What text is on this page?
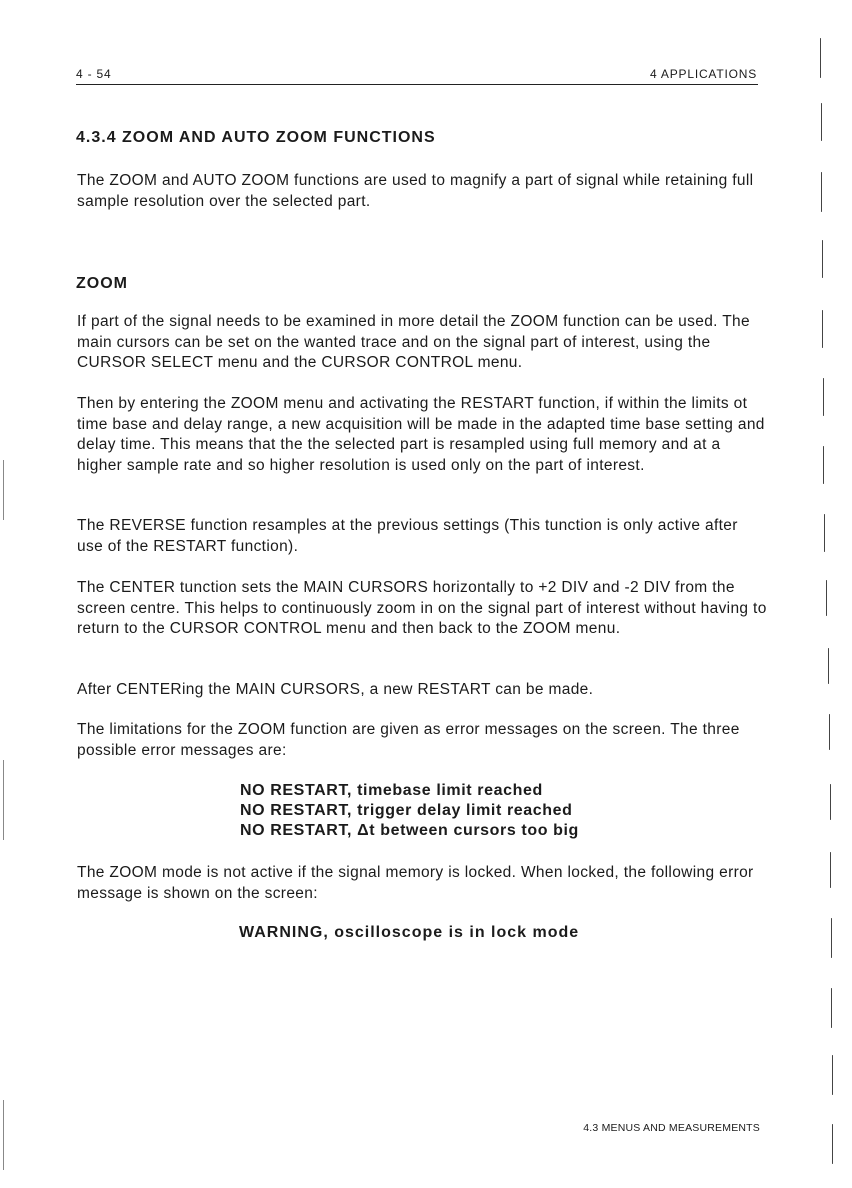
4 - 54	4 APPLICATIONS
4.3.4 ZOOM AND AUTO ZOOM FUNCTIONS

The ZOOM and AUTO ZOOM functions are used to magnify a part of signal while retaining full sample resolution over the selected part.

ZOOM

If part of the signal needs to be examined in more detail the ZOOM function can be used. The main cursors can be set on the wanted trace and on the signal part of interest, using the CURSOR SELECT menu and the CURSOR CONTROL menu.

Then by entering the ZOOM menu and activating the RESTART function, if within the limits ot time base and delay range, a new acquisition will be made in the adapted time base setting and delay time. This means that the the selected part is resampled using full memory and at a higher sample rate and so higher resolution is used only on the part of interest.

The REVERSE function resamples at the previous settings (This tunction is only active after use of the RESTART function).

The CENTER tunction sets the MAIN CURSORS horizontally to +2 DIV and -2 DIV from the screen centre. This helps to continuously zoom in on the signal part of interest without having to return to the CURSOR CONTROL menu and then back to the ZOOM menu.

After CENTERing the MAIN CURSORS, a new RESTART can be made.

The limitations for the ZOOM function are given as error messages on the screen. The three possible error messages are:

NO RESTART, timebase limit reached
NO RESTART, trigger delay limit reached
NO RESTART, Δt between cursors too big

The ZOOM mode is not active if the signal memory is locked. When locked, the following error message is shown on the screen:

WARNING, oscilloscope is in lock mode
4.3 MENUS AND MEASUREMENTS
